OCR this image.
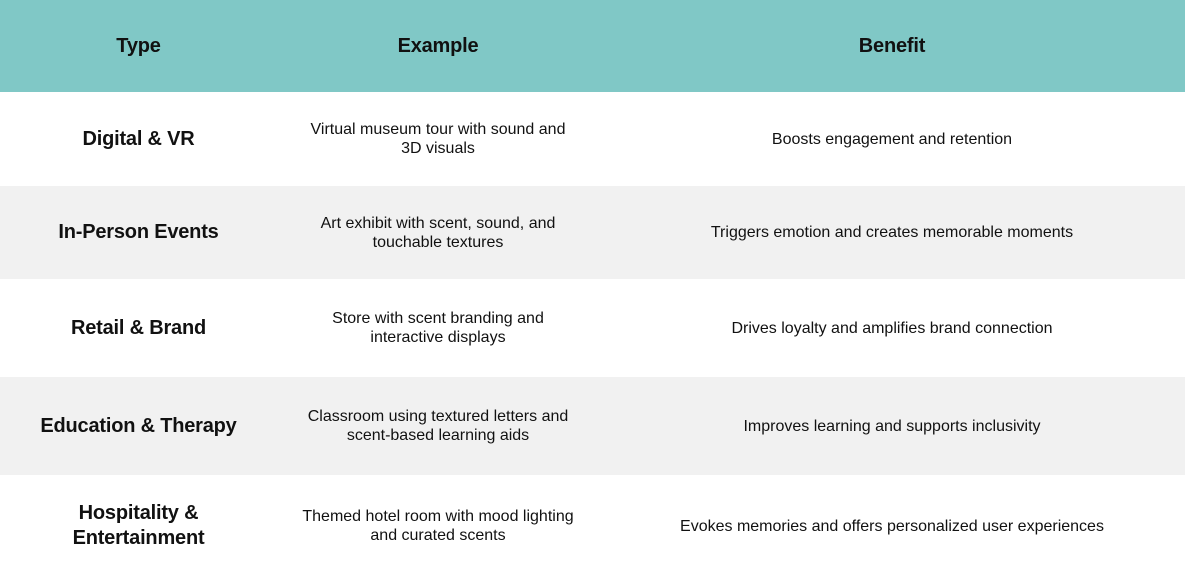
Type	Example	Benefit
Digital & VR	Virtual museum tour with sound and 3D visuals	Boosts engagement and retention
In-Person Events	Art exhibit with scent, sound, and touchable textures	Triggers emotion and creates memorable moments
Retail & Brand	Store with scent branding and interactive displays	Drives loyalty and amplifies brand connection
Education & Therapy	Classroom using textured letters and scent-based learning aids	Improves learning and supports inclusivity
Hospitality & Entertainment	Themed hotel room with mood lighting and curated scents	Evokes memories and offers personalized user experiences
